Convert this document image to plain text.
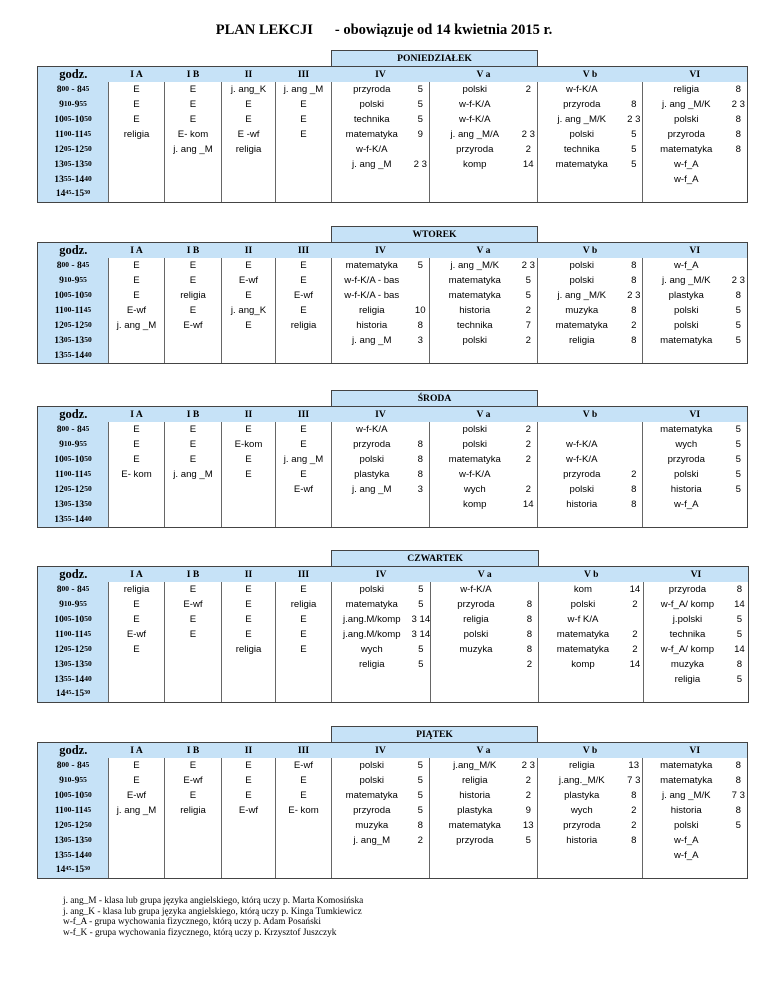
PLAN LEKCJI - obowiązuje od 14 kwietnia 2015 r.
					PONIEDZIAŁEK							
godz.	I A	I B	II	III	IV		V a		V b		VI	
$8^{00} - 8^{45}$	E	E	j. ang_K	j. ang _M	przyroda	5	polski	2	w-f-K/A		religia	8
$9^{10}-9^{55}$	E	E	E	E	polski	5	w-f-K/A		przyroda	8	j. ang _M/K	2 3
$10^{05}-10^{50}$	E	E	E	E	technika	5	w-f-K/A		j. ang _M/K	2 3	polski	8
$11^{00}-11^{45}$	religia	E- kom	E -wf	E	matematyka	9	j. ang _M/A	2 3	polski	5	przyroda	8
$12^{05}-12^{50}$		j. ang _M	religia		w-f-K/A		przyroda	2	technika	5	matematyka	8
$13^{05}-13^{50}$					j. ang _M	2 3	komp	14	matematyka	5	w-f_A	
$13^{55}-14^{40}$											w-f_A	
$14^{45}-15^{30}$												
					WTOREK							
godz.	I A	I B	II	III	IV		V a		V b		VI	
$8^{00} - 8^{45}$	E	E	E	E	matematyka	5	j. ang _M/K	2 3	polski	8	w-f_A	
$9^{10}-9^{55}$	E	E	E-wf	E	w-f-K/A - bas		matematyka	5	polski	8	j. ang _M/K	2 3
$10^{05}-10^{50}$	E	religia	E	E-wf	w-f-K/A - bas		matematyka	5	j. ang _M/K	2 3	plastyka	8
$11^{00}-11^{45}$	E-wf	E	j. ang_K	E	religia	10	historia	2	muzyka	8	polski	5
$12^{05}-12^{50}$	j. ang _M	E-wf	E	religia	historia	8	technika	7	matematyka	2	polski	5
$13^{05}-13^{50}$					j. ang _M	3	polski	2	religia	8	matematyka	5
$13^{55}-14^{40}$												
					ŚRODA							
godz.	I A	I B	II	III	IV		V a		V b		VI	
$8^{00} - 8^{45}$	E	E	E	E	w-f-K/A		polski	2			matematyka	5
$9^{10}-9^{55}$	E	E	E-kom	E	przyroda	8	polski	2	w-f-K/A		wych	5
$10^{05}-10^{50}$	E	E	E	j. ang _M	polski	8	matematyka	2	w-f-K/A		przyroda	5
$11^{00}-11^{45}$	E- kom	j. ang _M	E	E	plastyka	8	w-f-K/A		przyroda	2	polski	5
$12^{05}-12^{50}$				E-wf	j. ang _M	3	wych	2	polski	8	historia	5
$13^{05}-13^{50}$							komp	14	historia	8	w-f_A	
$13^{55}-14^{40}$												
					CZWARTEK							
godz.	I A	I B	II	III	IV		V a		V b		VI	
$8^{00} - 8^{45}$	religia	E	E	E	polski	5	w-f-K/A		kom	14	przyroda	8
$9^{10}-9^{55}$	E	E-wf	E	religia	matematyka	5	przyroda	8	polski	2	w-f_A/ komp	14
$10^{05}-10^{50}$	E	E	E	E	j.ang.M/komp	3 14	religia	8	w-f K/A		j.polski	5
$11^{00}-11^{45}$	E-wf	E	E	E	j.ang.M/komp	3 14	polski	8	matematyka	2	technika	5
$12^{05}-12^{50}$	E		religia	E	wych	5	muzyka	8	matematyka	2	w-f_A/ komp	14
$13^{05}-13^{50}$					religia	5		2	komp	14	muzyka	8
$13^{55}-14^{40}$											religia	5
$14^{45}-15^{30}$												
					PIĄTEK							
godz.	I A	I B	II	III	IV		V a		V b		VI	
$8^{00} - 8^{45}$	E	E	E	E-wf	polski	5	j.ang_M/K	2 3	religia	13	matematyka	8
$9^{10}-9^{55}$	E	E-wf	E	E	polski	5	religia	2	j.ang._M/K	7 3	matematyka	8
$10^{05}-10^{50}$	E-wf	E	E	E	matematyka	5	historia	2	plastyka	8	j. ang _M/K	7 3
$11^{00}-11^{45}$	j. ang _M	religia	E-wf	E- kom	przyroda	5	plastyka	9	wych	2	historia	8
$12^{05}-12^{50}$					muzyka	8	matematyka	13	przyroda	2	polski	5
$13^{05}-13^{50}$					j. ang_M	2	przyroda	5	historia	8	w-f_A	
$13^{55}-14^{40}$											w-f_A	
$14^{45}-15^{30}$												
j. ang_M - klasa lub grupa języka angielskiego, którą uczy p. Marta Komosińska
j. ang_K - klasa lub grupa języka angielskiego, którą uczy p. Kinga Tumkiewicz
w-f_A - grupa wychowania fizycznego, którą uczy p. Adam Posański
w-f_K - grupa wychowania fizycznego, którą uczy p. Krzysztof Juszczyk
